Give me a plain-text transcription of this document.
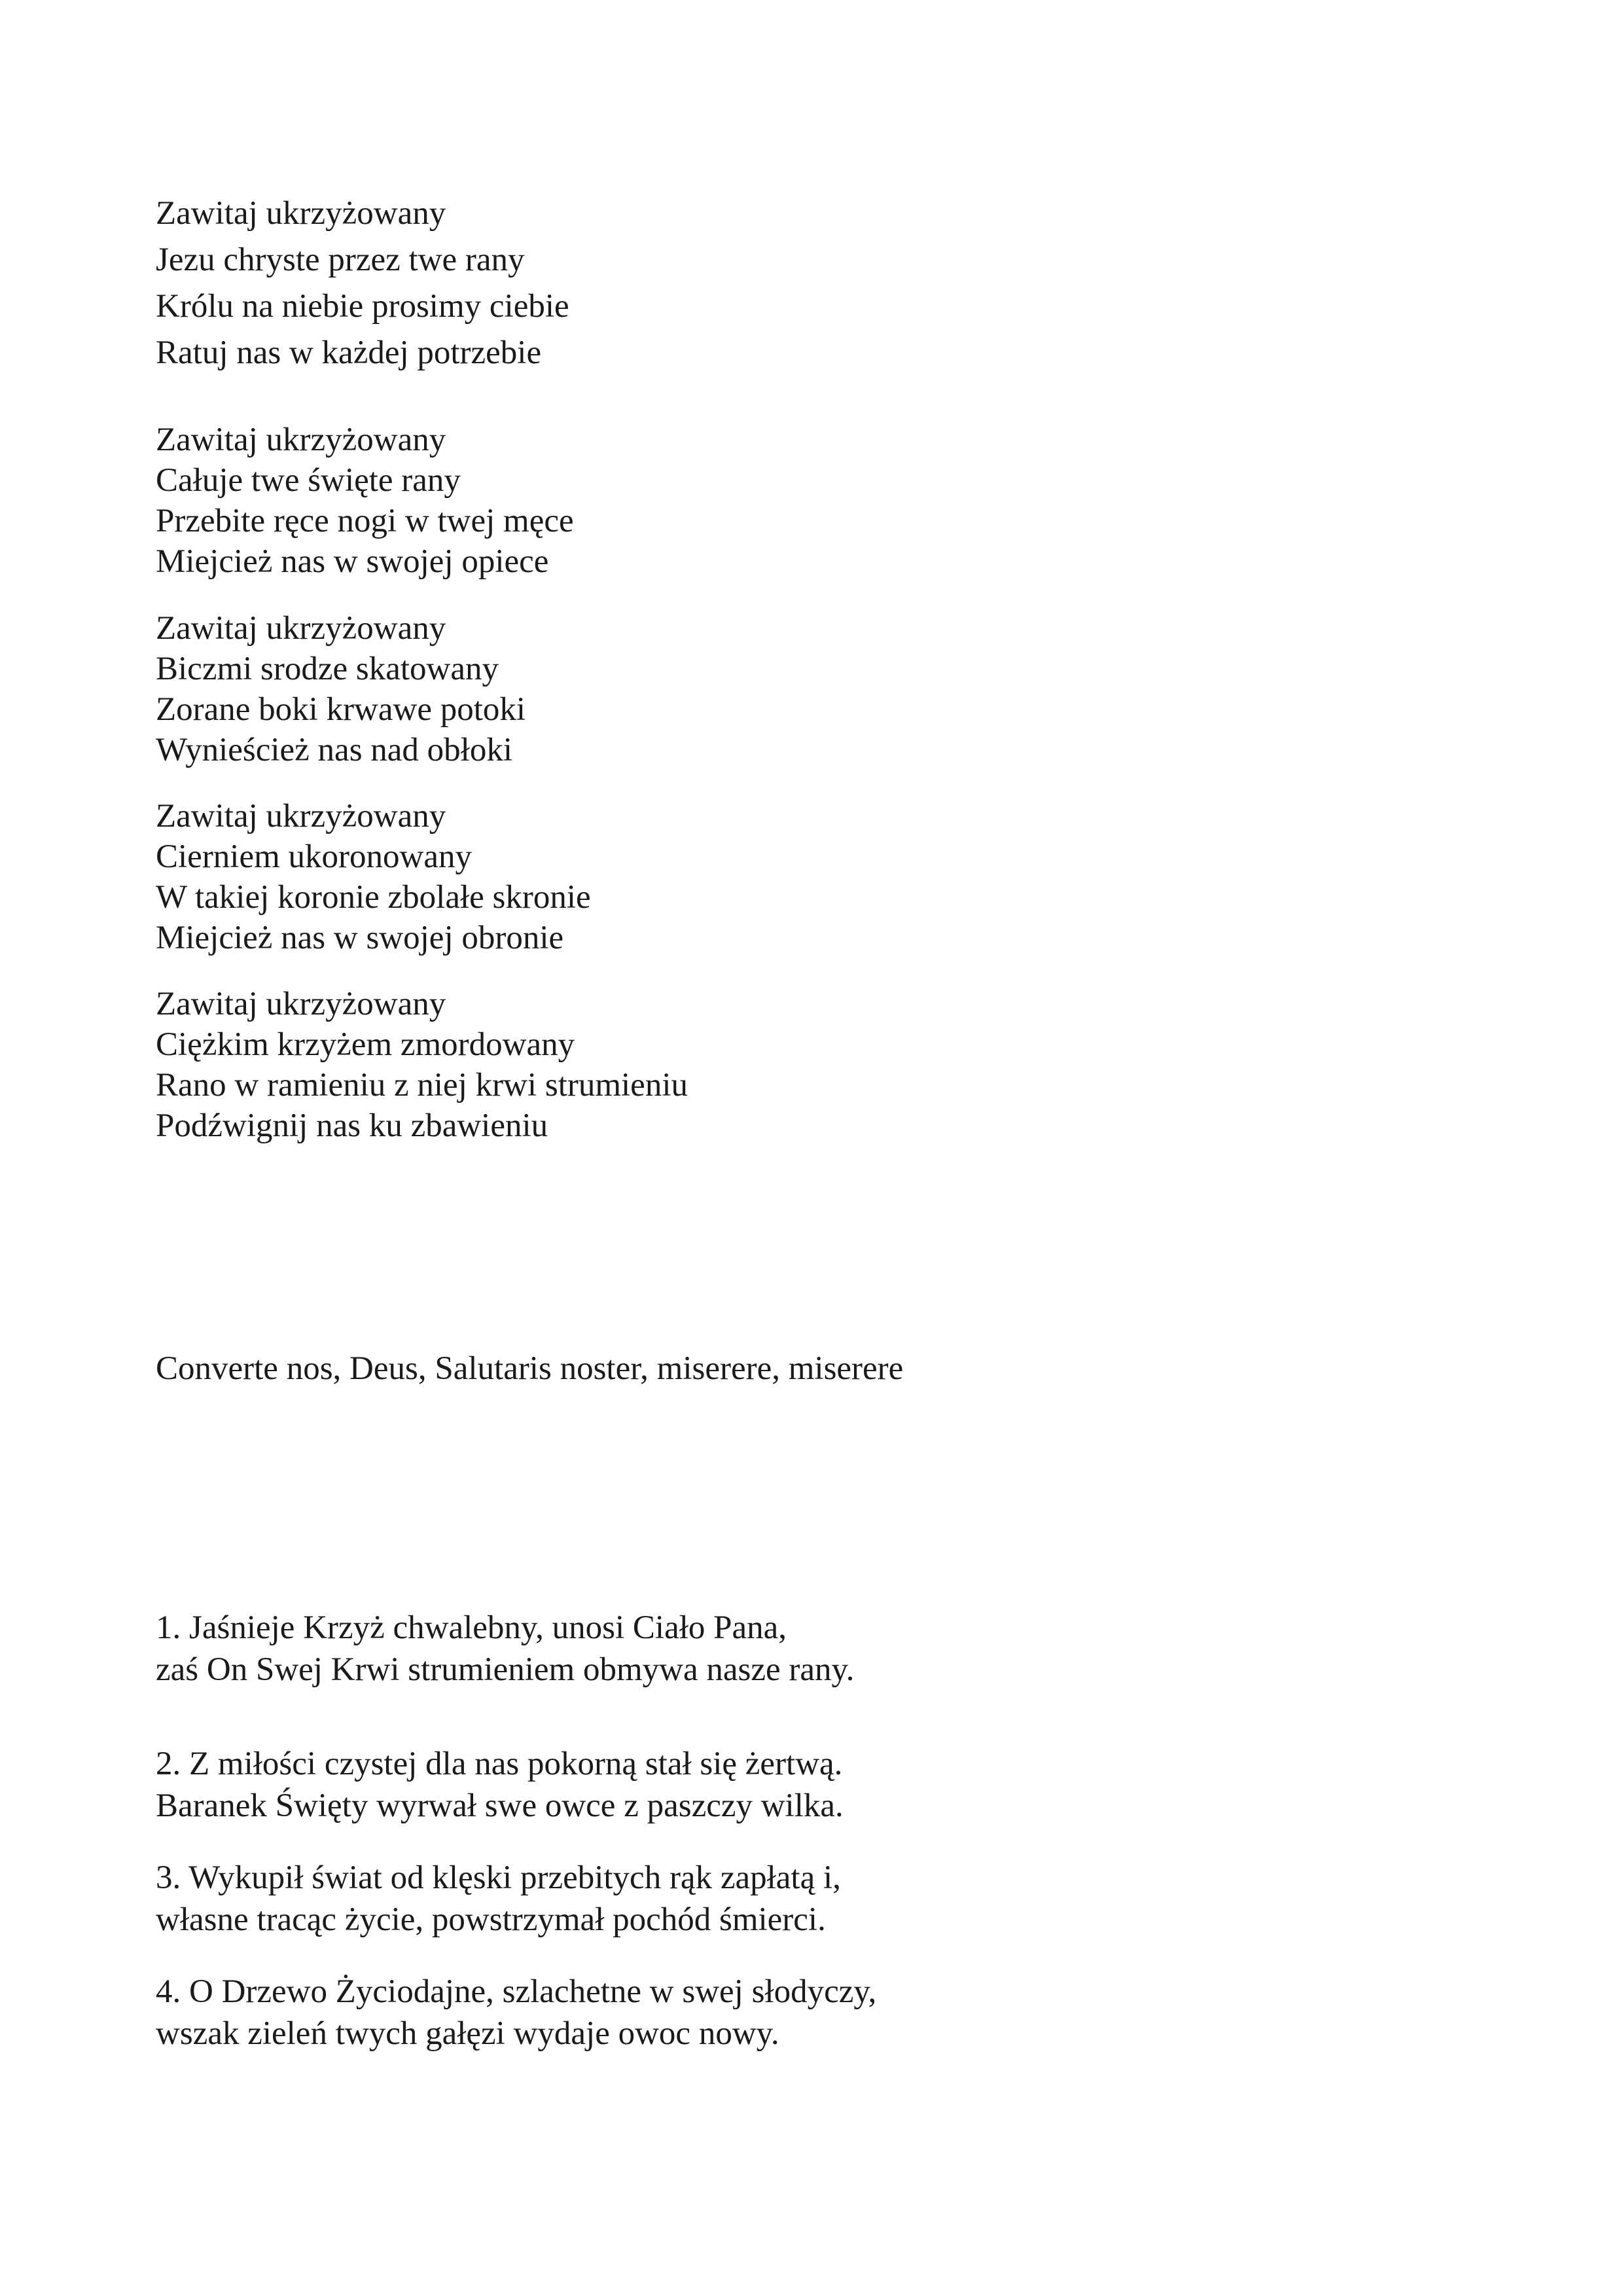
Zawitaj ukrzyżowany
Jezu chryste przez twe rany
Królu na niebie prosimy ciebie
Ratuj nas w każdej potrzebie
Zawitaj ukrzyżowany
Całuje twe święte rany
Przebite ręce nogi w twej męce
Miejcież nas w swojej opiece
Zawitaj ukrzyżowany
Biczmi srodze skatowany
Zorane boki krwawe potoki
Wynieścież nas nad obłoki
Zawitaj ukrzyżowany
Cierniem ukoronowany
W takiej koronie zbolałe skronie
Miejcież nas w swojej obronie
Zawitaj ukrzyżowany
Ciężkim krzyżem zmordowany
Rano w ramieniu z niej krwi strumieniu
Podźwignij nas ku zbawieniu
Converte nos, Deus, Salutaris noster, miserere, miserere
1. Jaśnieje Krzyż chwalebny, unosi Ciało Pana,
zaś On Swej Krwi strumieniem obmywa nasze rany.
2. Z miłości czystej dla nas pokorną stał się żertwą.
Baranek Święty wyrwał swe owce z paszczy wilka.
3. Wykupił świat od klęski przebitych rąk zapłatą i,
własne tracąc życie, powstrzymał pochód śmierci.
4. O Drzewo Życiodajne, szlachetne w swej słodyczy,
wszak zieleń twych gałęzi wydaje owoc nowy.
